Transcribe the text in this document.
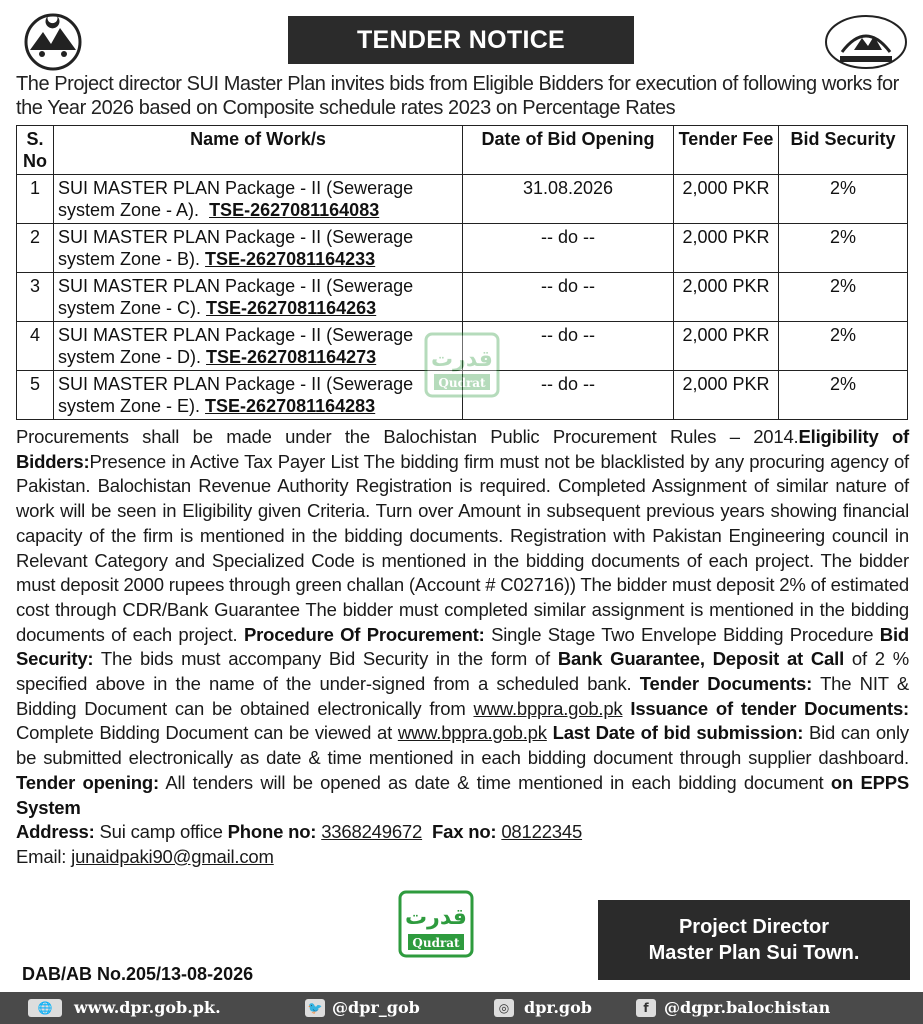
TENDER NOTICE
The Project director SUI Master Plan invites bids from Eligible Bidders for execution of following works for the Year 2026 based on Composite schedule rates 2023 on Percentage Rates
S.
No	Name of Work/s	Date of Bid Opening	Tender Fee	Bid Security
1	SUI MASTER PLAN Package - II (Sewerage
system Zone - A). TSE-2627081164083	31.08.2026	2,000 PKR	2%
2	SUI MASTER PLAN Package - II (Sewerage
system Zone - B). TSE-2627081164233	-- do --	2,000 PKR	2%
3	SUI MASTER PLAN Package - II (Sewerage
system Zone - C). TSE-2627081164263	-- do --	2,000 PKR	2%
4	SUI MASTER PLAN Package - II (Sewerage
system Zone - D). TSE-2627081164273	-- do --	2,000 PKR	2%
5	SUI MASTER PLAN Package - II (Sewerage
system Zone - E). TSE-2627081164283	-- do --	2,000 PKR	2%
ﻗﺪﺭﺕ
Qudrat
Procurements shall be made under the Balochistan Public Procurement Rules – 2014.Eligibility of Bidders:Presence in Active Tax Payer List The bidding firm must not be blacklisted by any procuring agency of Pakistan. Balochistan Revenue Authority Registration is required. Completed Assignment of similar nature of work will be seen in Eligibility given Criteria. Turn over Amount in subsequent previous years showing financial capacity of the firm is mentioned in the bidding documents. Registration with Pakistan Engineering council in Relevant Category and Specialized Code is mentioned in the bidding documents of each project. The bidder must deposit 2000 rupees through green challan (Account # C02716)) The bidder must deposit 2% of estimated cost through CDR/Bank Guarantee The bidder must completed similar assignment is mentioned in the bidding documents of each project. Procedure Of Procurement: Single Stage Two Envelope Bidding Procedure Bid Security: The bids must accompany Bid Security in the form of Bank Guarantee, Deposit at Call of 2 % specified above in the name of the under-signed from a scheduled bank. Tender Documents: The NIT & Bidding Document can be obtained electronically from www.bppra.gob.pk Issuance of tender Documents: Complete Bidding Document can be viewed at www.bppra.gob.pk Last Date of bid submission: Bid can only be submitted electronically as date & time mentioned in each bidding document through supplier dashboard. Tender opening: All tenders will be opened as date & time mentioned in each bidding document on EPPS System
Address: Sui camp office Phone no: 3368249672 Fax no: 08122345
Email: junaidpaki90@gmail.com
ﻗﺪﺭﺕ
Qudrat
Project Director
Master Plan Sui Town.
DAB/AB No.205/13-08-2026
🌐	www.dpr.gob.pk.	🐦 @dpr_gob	◎ dpr.gob	f @dgpr.balochistan
